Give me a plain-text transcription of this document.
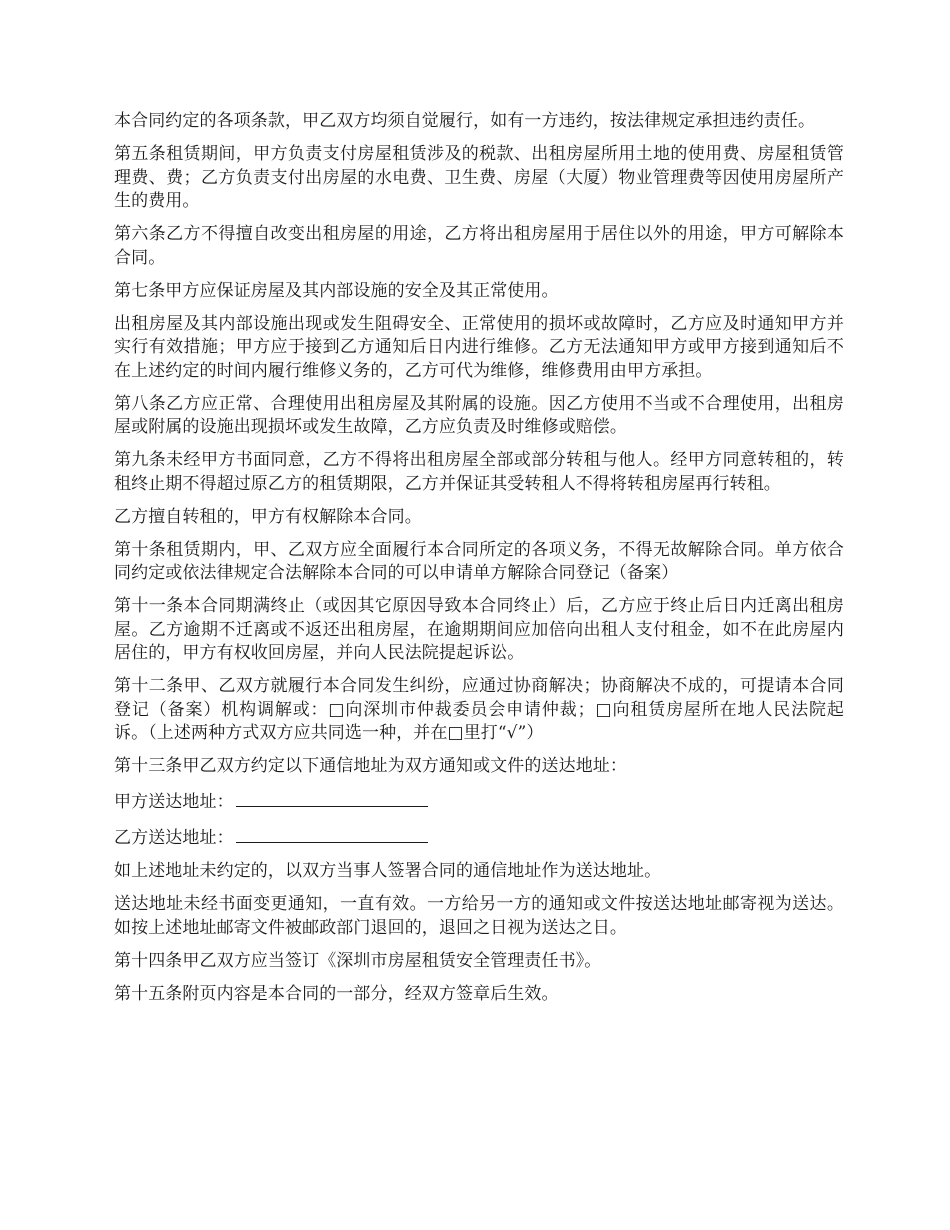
本合同约定的各项条款，甲乙双方均须自觉履行，如有一方违约，按法律规定承担违约责任。

第五条租赁期间，甲方负责支付房屋租赁涉及的税款、出租房屋所用土地的使用费、房屋租赁管理费、费；乙方负责支付出房屋的水电费、卫生费、房屋（大厦）物业管理费等因使用房屋所产生的费用。

第六条乙方不得擅自改变出租房屋的用途，乙方将出租房屋用于居住以外的用途，甲方可解除本合同。

第七条甲方应保证房屋及其内部设施的安全及其正常使用。

出租房屋及其内部设施出现或发生阻碍安全、正常使用的损坏或故障时，乙方应及时通知甲方并实行有效措施；甲方应于接到乙方通知后日内进行维修。乙方无法通知甲方或甲方接到通知后不在上述约定的时间内履行维修义务的，乙方可代为维修，维修费用由甲方承担。

第八条乙方应正常、合理使用出租房屋及其附属的设施。因乙方使用不当或不合理使用，出租房屋或附属的设施出现损坏或发生故障，乙方应负责及时维修或赔偿。

第九条未经甲方书面同意，乙方不得将出租房屋全部或部分转租与他人。经甲方同意转租的，转租终止期不得超过原乙方的租赁期限，乙方并保证其受转租人不得将转租房屋再行转租。

乙方擅自转租的，甲方有权解除本合同。

第十条租赁期内，甲、乙双方应全面履行本合同所定的各项义务，不得无故解除合同。单方依合同约定或依法律规定合法解除本合同的可以申请单方解除合同登记（备案）

第十一条本合同期满终止（或因其它原因导致本合同终止）后，乙方应于终止后日内迁离出租房屋。乙方逾期不迁离或不返还出租房屋，在逾期期间应加倍向出租人支付租金，如不在此房屋内居住的，甲方有权收回房屋，并向人民法院提起诉讼。

第十二条甲、乙双方就履行本合同发生纠纷，应通过协商解决；协商解决不成的，可提请本合同登记（备案）机构调解或：□向深圳市仲裁委员会申请仲裁；□向租赁房屋所在地人民法院起诉。（上述两种方式双方应共同选一种，并在□里打“√”）

第十三条甲乙双方约定以下通信地址为双方通知或文件的送达地址：

甲方送达地址：
乙方送达地址：

如上述地址未约定的，以双方当事人签署合同的通信地址作为送达地址。

送达地址未经书面变更通知，一直有效。一方给另一方的通知或文件按送达地址邮寄视为送达。如按上述地址邮寄文件被邮政部门退回的，退回之日视为送达之日。

第十四条甲乙双方应当签订《深圳市房屋租赁安全管理责任书》。

第十五条附页内容是本合同的一部分，经双方签章后生效。
